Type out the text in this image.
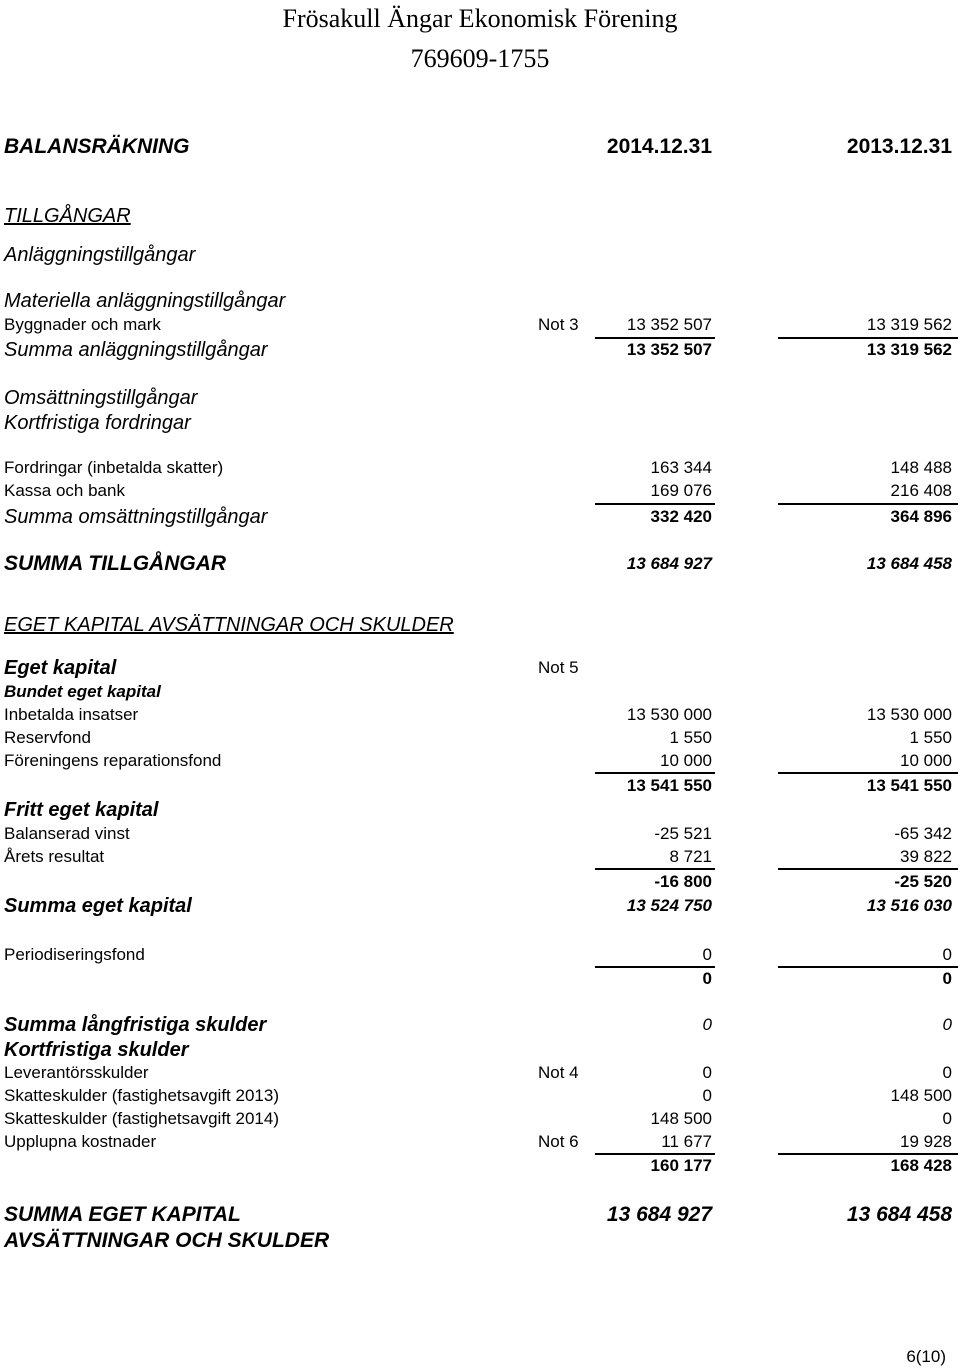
Frösakull Ängar Ekonomisk Förening
769609-1755
BALANSRÄKNING	2014.12.31	2013.12.31
TILLGÅNGAR
Anläggningstillgångar
Materiella anläggningstillgångar
Byggnader och mark	Not 3	13 352 507	13 319 562
Summa anläggningstillgångar	13 352 507	13 319 562
Omsättningstillgångar
Kortfristiga fordringar
Fordringar (inbetalda skatter)	163 344	148 488
Kassa och bank	169 076	216 408
Summa omsättningstillgångar	332 420	364 896
SUMMA TILLGÅNGAR	13 684 927	13 684 458
EGET KAPITAL AVSÄTTNINGAR OCH SKULDER
Eget kapital	Not 5
Bundet eget kapital
Inbetalda insatser	13 530 000	13 530 000
Reservfond	1 550	1 550
Föreningens reparationsfond	10 000	10 000
13 541 550	13 541 550
Fritt eget kapital
Balanserad vinst	-25 521	-65 342
Årets resultat	8 721	39 822
-16 800	-25 520
Summa eget kapital	13 524 750	13 516 030
Periodiseringsfond	0	0
0	0
Summa långfristiga skulder	0	0
Kortfristiga skulder
Leverantörsskulder	Not 4	0	0
Skatteskulder (fastighetsavgift 2013)	0	148 500
Skatteskulder (fastighetsavgift 2014)	148 500	0
Upplupna kostnader	Not 6	11 677	19 928
160 177	168 428
SUMMA EGET KAPITAL	13 684 927	13 684 458
AVSÄTTNINGAR OCH SKULDER
6(10)
